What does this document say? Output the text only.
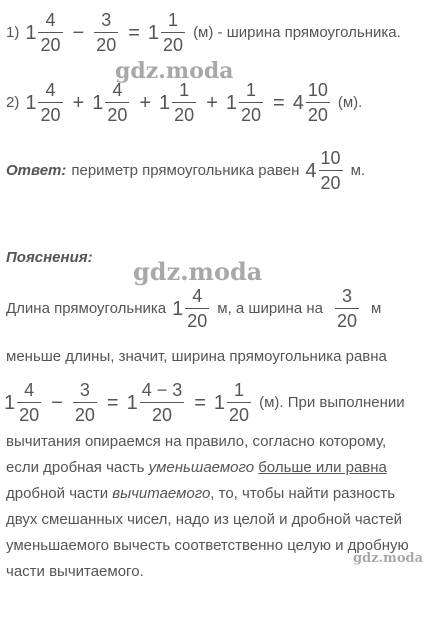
1) $1 \frac{4}{20} - \frac{3}{20} = 1 \frac{1}{20} (м)$ - ширина прямоугольника.
gdz.moda
2) $1 \frac{4}{20} + 1 \frac{4}{20} + 1 \frac{1}{20} + 1 \frac{1}{20} = 4 \frac{10}{20} (м)$.
Ответ: периметр прямоугольника равен $4 \frac{10}{20} м$.
Пояснения: gdz.moda
Длина прямоугольника $1 \frac{4}{20} м$, а ширина на $\frac{3}{20}$ м
меньше длины, значит, ширина прямоугольника равна
$1 \frac{4}{20} - \frac{3}{20} = 1 \frac{4 - 3}{20} = 1 \frac{1}{20} (м)$. При выполнении
вычитания опираемся на правило, согласно которому,
если дробная часть уменьшаемого больше или равна
дробной части вычитаемого, то, чтобы найти разность
двух смешанных чисел, надо из целой и дробной частей
уменьшаемого вычесть соответственно целую и дробную
gdz.moda
части вычитаемого.
